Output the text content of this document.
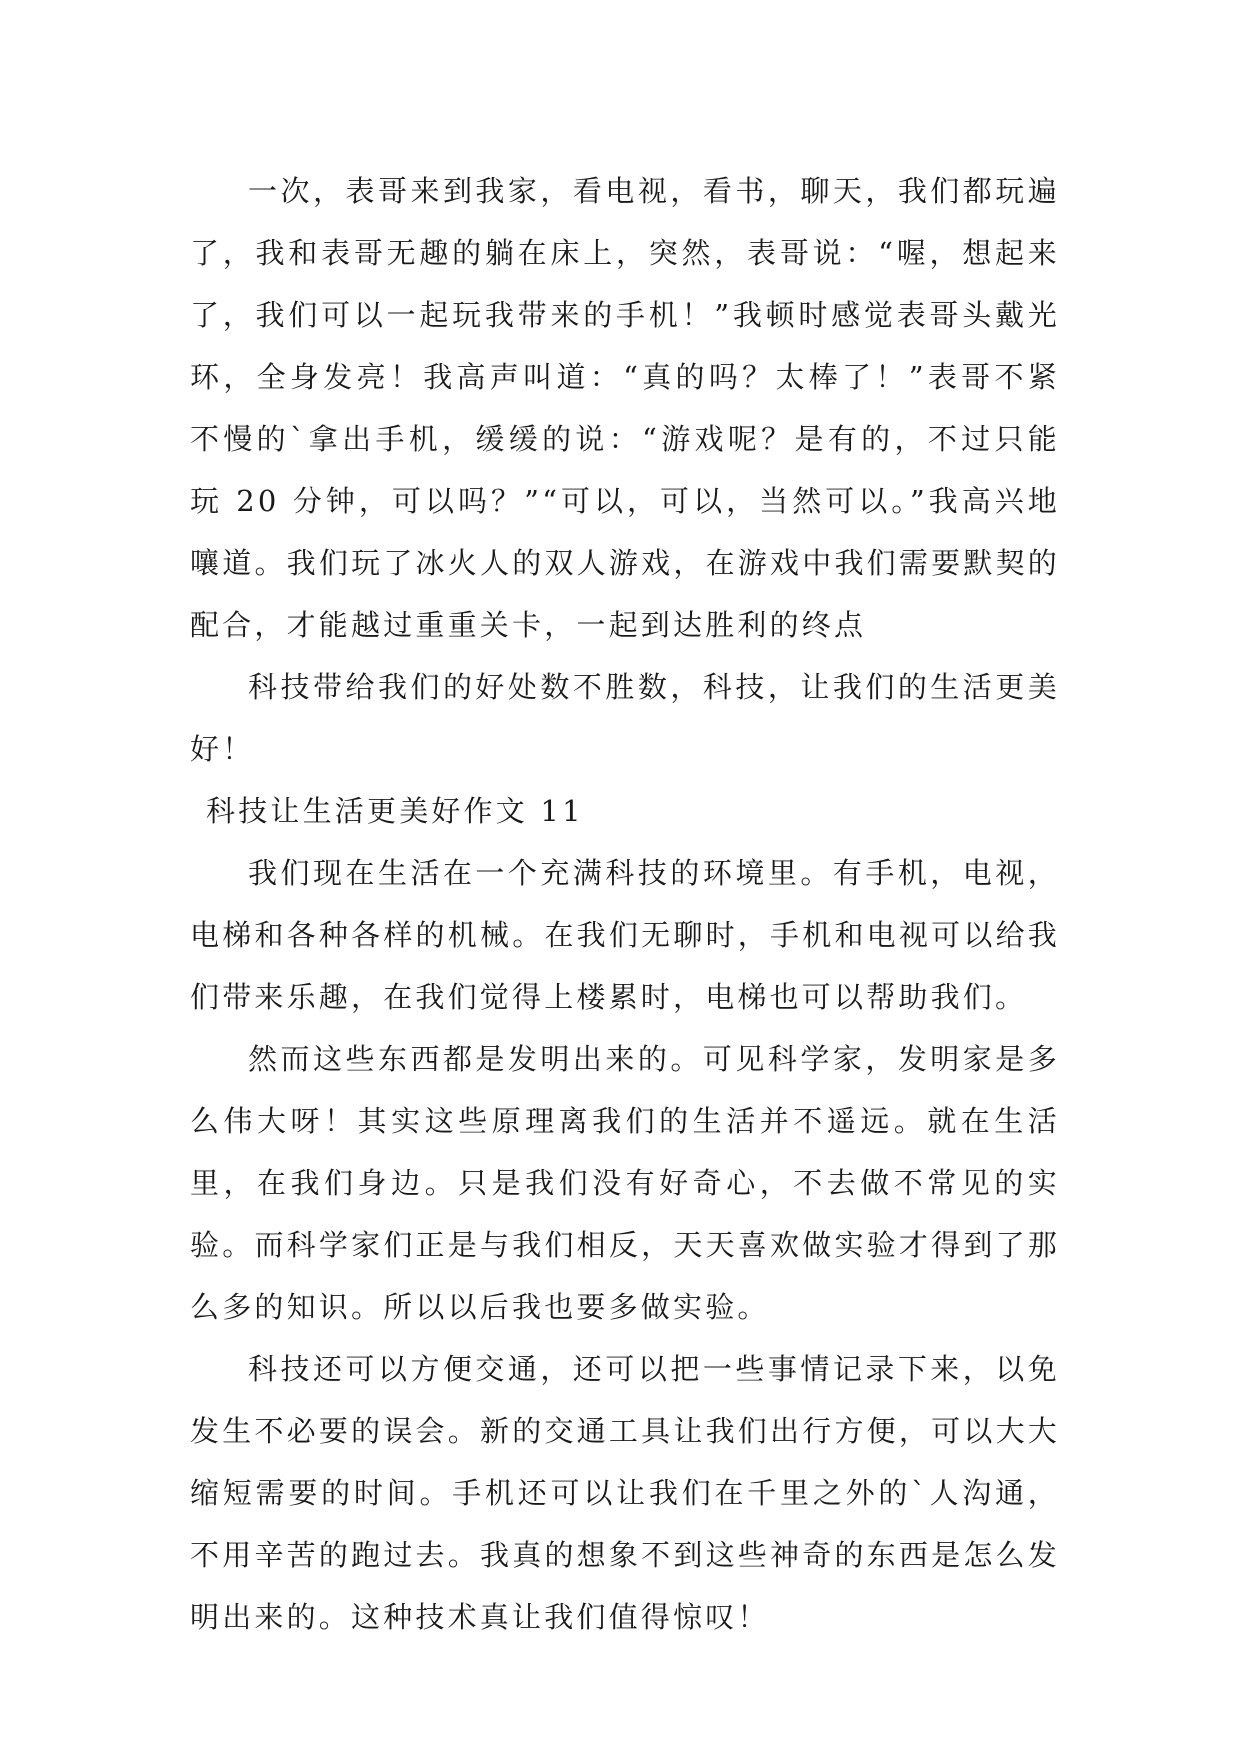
一次，表哥来到我家，看电视，看书，聊天，我们都玩遍了，我和表哥无趣的躺在床上，突然，表哥说：“喔，想起来了，我们可以一起玩我带来的手机！”我顿时感觉表哥头戴光环，全身发亮！我高声叫道：“真的吗？太棒了！”表哥不紧不慢的`拿出手机，缓缓的说：“游戏呢？是有的，不过只能玩 20 分钟，可以吗？”“可以，可以，当然可以。”我高兴地嚷道。我们玩了冰火人的双人游戏，在游戏中我们需要默契的配合，才能越过重重关卡，一起到达胜利的终点

科技带给我们的好处数不胜数，科技，让我们的生活更美好！

科技让生活更美好作文 11

我们现在生活在一个充满科技的环境里。有手机，电视，电梯和各种各样的机械。在我们无聊时，手机和电视可以给我们带来乐趣，在我们觉得上楼累时，电梯也可以帮助我们。

然而这些东西都是发明出来的。可见科学家，发明家是多么伟大呀！其实这些原理离我们的生活并不遥远。就在生活里，在我们身边。只是我们没有好奇心，不去做不常见的实验。而科学家们正是与我们相反，天天喜欢做实验才得到了那么多的知识。所以以后我也要多做实验。

科技还可以方便交通，还可以把一些事情记录下来，以免发生不必要的误会。新的交通工具让我们出行方便，可以大大缩短需要的时间。手机还可以让我们在千里之外的`人沟通，不用辛苦的跑过去。我真的想象不到这些神奇的东西是怎么发明出来的。这种技术真让我们值得惊叹！
